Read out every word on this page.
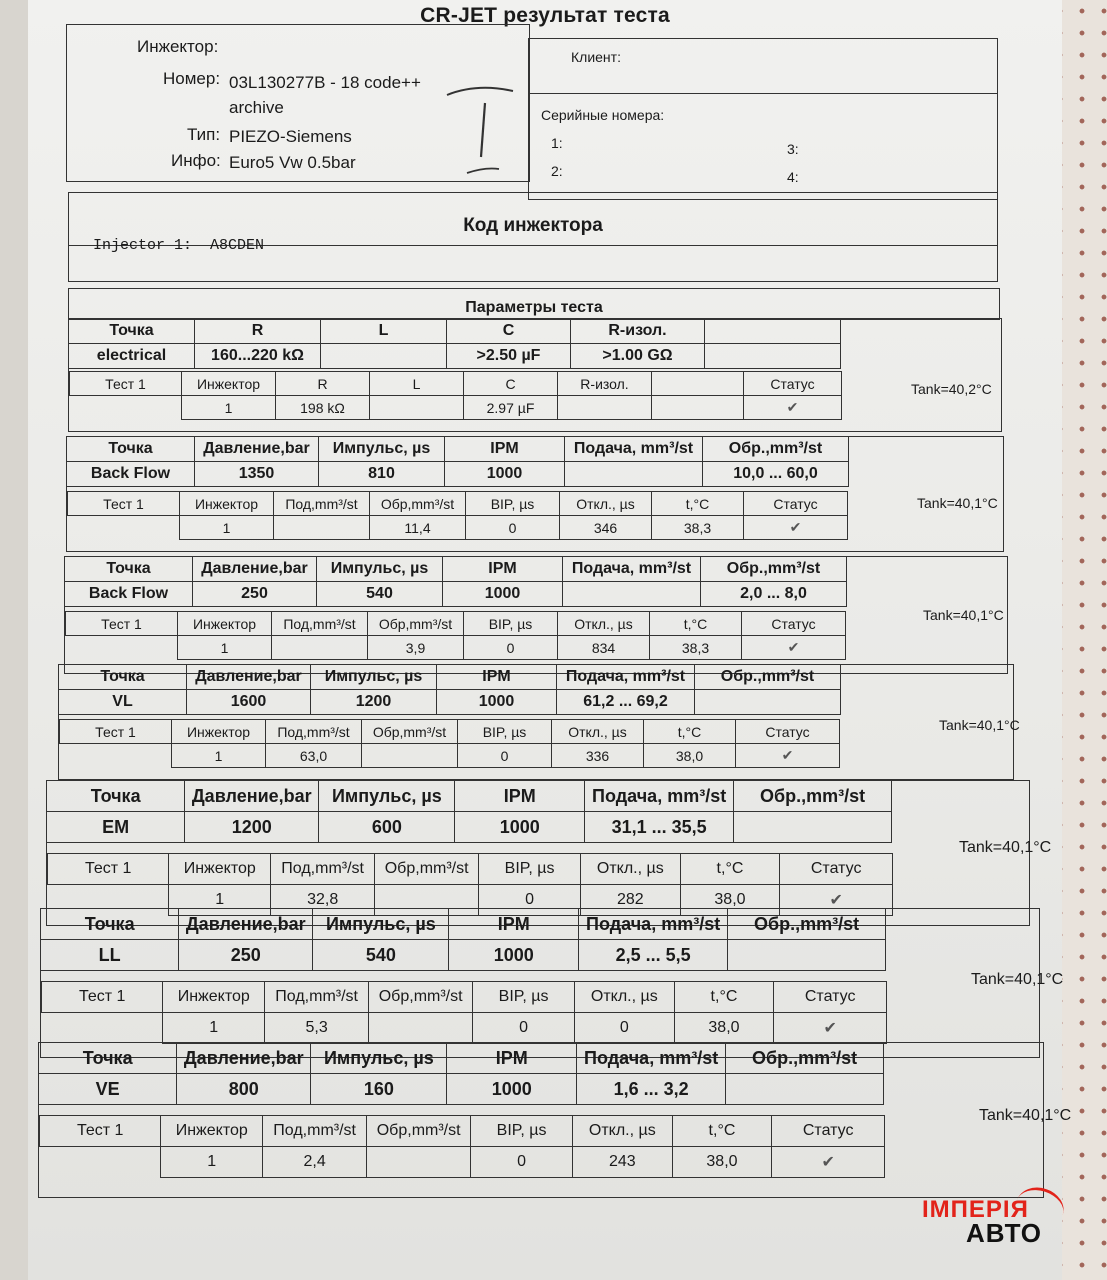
CR-JET результат теста
Инжектор:
Номер: 03L130277B - 18 code++
archive
Тип: PIEZO-Siemens
Инфо: Euro5 Vw 0.5bar
Клиент:
Серийные номера:
1:
2:
3:
4:
Код инжектора
Injector 1:  A8CDEN
Параметры теста
Точка	R	L	C	R-изол.	
electrical	160...220 kΩ		>2.50 µF	>1.00 GΩ	
Тест 1	Инжектор	R	L	C	R-изол.		Статус
	1	198 kΩ		2.97 µF			✔
Tank=40,2°C
Точка	Давление,bar	Импульс, µs	IPM	Подача, mm³/st	Обр.,mm³/st
Back Flow	1350	810	1000		10,0 ... 60,0
Тест 1	Инжектор	Под,mm³/st	Обр,mm³/st	BIP, µs	Откл., µs	t,°C	Статус
	1		11,4	0	346	38,3	✔
Tank=40,1°C
Точка	Давление,bar	Импульс, µs	IPM	Подача, mm³/st	Обр.,mm³/st
Back Flow	250	540	1000		2,0 ... 8,0
Тест 1	Инжектор	Под,mm³/st	Обр,mm³/st	BIP, µs	Откл., µs	t,°C	Статус
	1		3,9	0	834	38,3	✔
Tank=40,1°C
Точка	Давление,bar	Импульс, µs	IPM	Подача, mm³/st	Обр.,mm³/st
VL	1600	1200	1000	61,2 ... 69,2	
Тест 1	Инжектор	Под,mm³/st	Обр,mm³/st	BIP, µs	Откл., µs	t,°C	Статус
	1	63,0		0	336	38,0	✔
Tank=40,1°C
Точка	Давление,bar	Импульс, µs	IPM	Подача, mm³/st	Обр.,mm³/st
EM	1200	600	1000	31,1 ... 35,5	
Тест 1	Инжектор	Под,mm³/st	Обр,mm³/st	BIP, µs	Откл., µs	t,°C	Статус
	1	32,8		0	282	38,0	✔
Tank=40,1°C
Точка	Давление,bar	Импульс, µs	IPM	Подача, mm³/st	Обр.,mm³/st
LL	250	540	1000	2,5 ... 5,5	
Тест 1	Инжектор	Под,mm³/st	Обр,mm³/st	BIP, µs	Откл., µs	t,°C	Статус
	1	5,3		0	0	38,0	✔
Tank=40,1°C
Точка	Давление,bar	Импульс, µs	IPM	Подача, mm³/st	Обр.,mm³/st
VE	800	160	1000	1,6 ... 3,2	
Тест 1	Инжектор	Под,mm³/st	Обр,mm³/st	BIP, µs	Откл., µs	t,°C	Статус
	1	2,4		0	243	38,0	✔
Tank=40,1°C
ІМПЕРІЯ
АВТО
